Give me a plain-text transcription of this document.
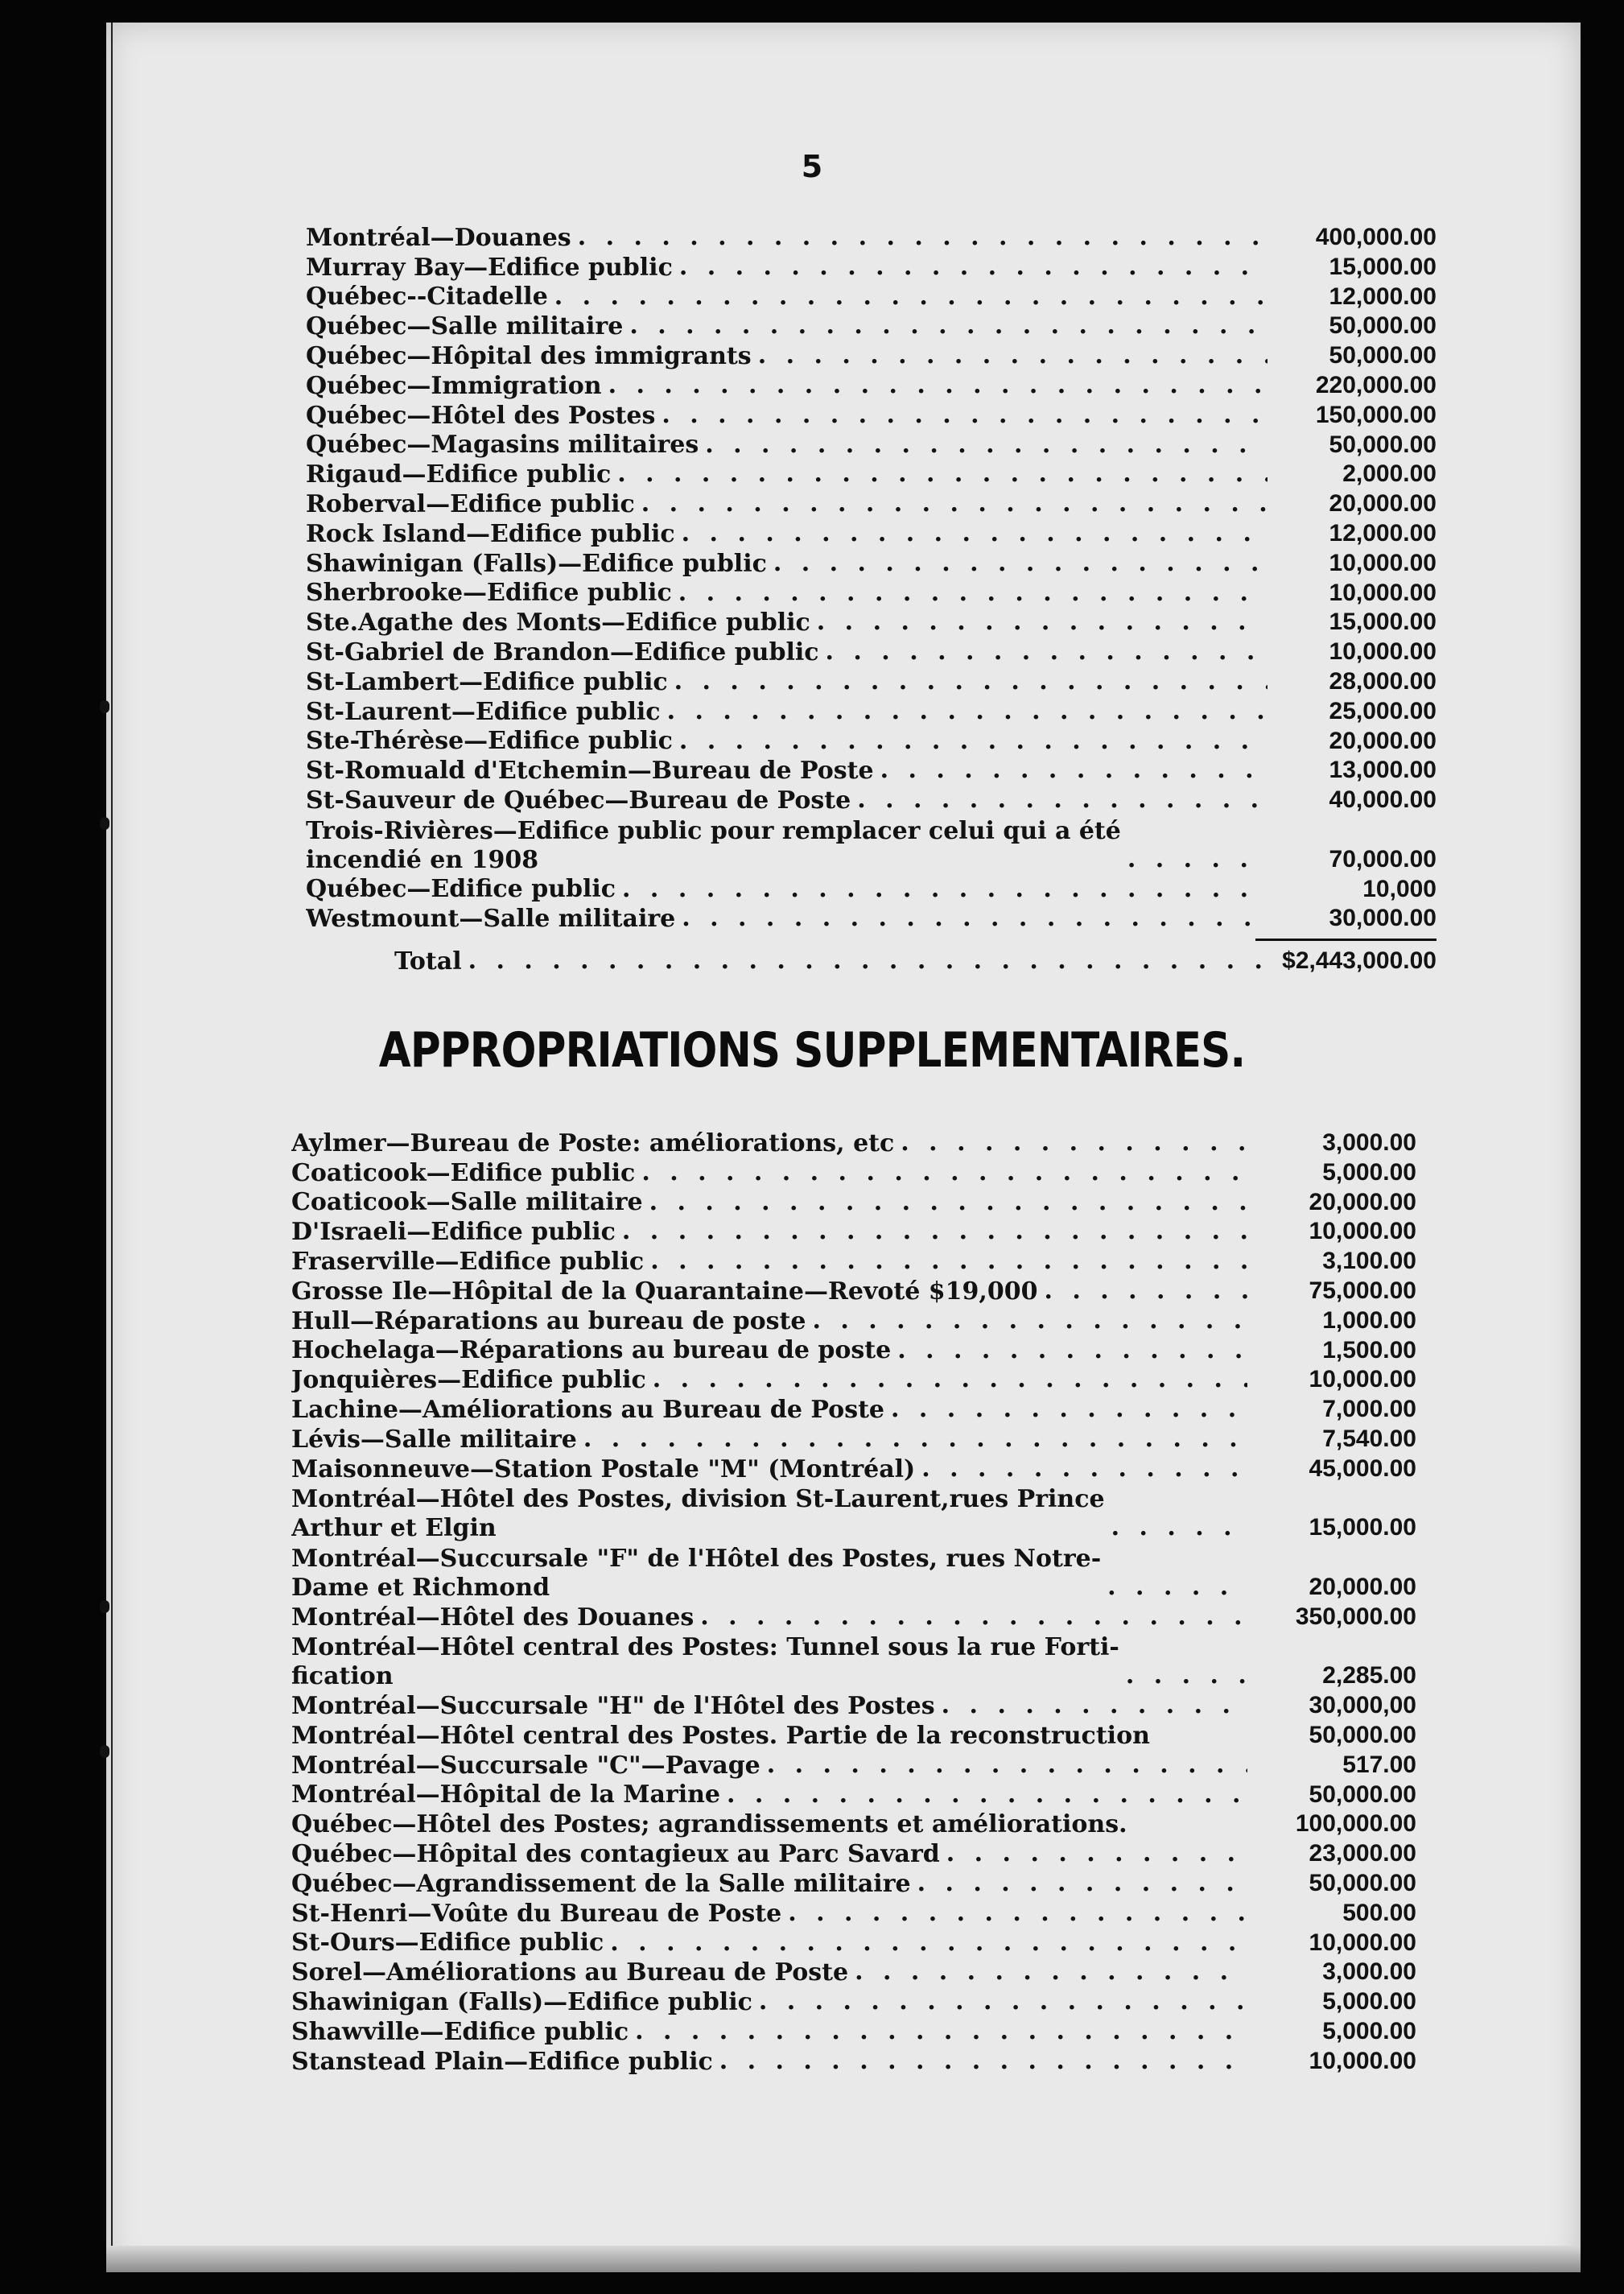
5
Montréal—Douanes . . .	400,000.00
Murray Bay—Edifice public . . .	15,000.00
Québec--Citadelle . . .	12,000.00
Québec—Salle militaire . . .	50,000.00
Québec—Hôpital des immigrants . . .	50,000.00
Québec—Immigration . . .	220,000.00
Québec—Hôtel des Postes . . .	150,000.00
Québec—Magasins militaires . . .	50,000.00
Rigaud—Edifice public . . .	2,000.00
Roberval—Edifice public . . .	20,000.00
Rock Island—Edifice public . . .	12,000.00
Shawinigan (Falls)—Edifice public . . .	10,000.00
Sherbrooke—Edifice public . . .	10,000.00
Ste.Agathe des Monts—Edifice public . . .	15,000.00
St-Gabriel de Brandon—Edifice public . . .	10,000.00
St-Lambert—Edifice public . . .	28,000.00
St-Laurent—Edifice public . . .	25,000.00
Ste-Thérèse—Edifice public . . .	20,000.00
St-Romuald d'Etchemin—Bureau de Poste . . .	13,000.00
St-Sauveur de Québec—Bureau de Poste . . .	40,000.00
Trois-Rivières—Edifice public pour remplacer celui qui a été
incendié en 1908 . . .	70,000.00
Québec—Edifice public . . .	10,000
Westmount—Salle militaire . . .	30,000.00
Total . . .	$2,443,000.00
APPROPRIATIONS SUPPLEMENTAIRES.
Aylmer—Bureau de Poste: améliorations, etc . . .	3,000.00
Coaticook—Edifice public . . .	5,000.00
Coaticook—Salle militaire . . .	20,000.00
D'Israeli—Edifice public . . .	10,000.00
Fraserville—Edifice public . . .	3,100.00
Grosse Ile—Hôpital de la Quarantaine—Revoté $19,000 . . .	75,000.00
Hull—Réparations au bureau de poste . . .	1,000.00
Hochelaga—Réparations au bureau de poste . . .	1,500.00
Jonquières—Edifice public . . .	10,000.00
Lachine—Améliorations au Bureau de Poste . . .	7,000.00
Lévis—Salle militaire . . .	7,540.00
Maisonneuve—Station Postale "M" (Montréal) . . .	45,000.00
Montréal—Hôtel des Postes, division St-Laurent,rues Prince
Arthur et Elgin . . .	15,000.00
Montréal—Succursale "F" de l'Hôtel des Postes, rues Notre-
Dame et Richmond . . .	20,000.00
Montréal—Hôtel des Douanes . . .	350,000.00
Montréal—Hôtel central des Postes: Tunnel sous la rue Forti-
fication . . .	2,285.00
Montréal—Succursale "H" de l'Hôtel des Postes . . .	30,000,00
Montréal—Hôtel central des Postes. Partie de la reconstruction	50,000.00
Montréal—Succursale "C"—Pavage . . .	517.00
Montréal—Hôpital de la Marine . . .	50,000.00
Québec—Hôtel des Postes; agrandissements et améliorations.	100,000.00
Québec—Hôpital des contagieux au Parc Savard . . .	23,000.00
Québec—Agrandissement de la Salle militaire . . .	50,000.00
St-Henri—Voûte du Bureau de Poste . . .	500.00
St-Ours—Edifice public . . .	10,000.00
Sorel—Améliorations au Bureau de Poste . . .	3,000.00
Shawinigan (Falls)—Edifice public . . .	5,000.00
Shawville—Edifice public . . .	5,000.00
Stanstead Plain—Edifice public . . .	10,000.00
